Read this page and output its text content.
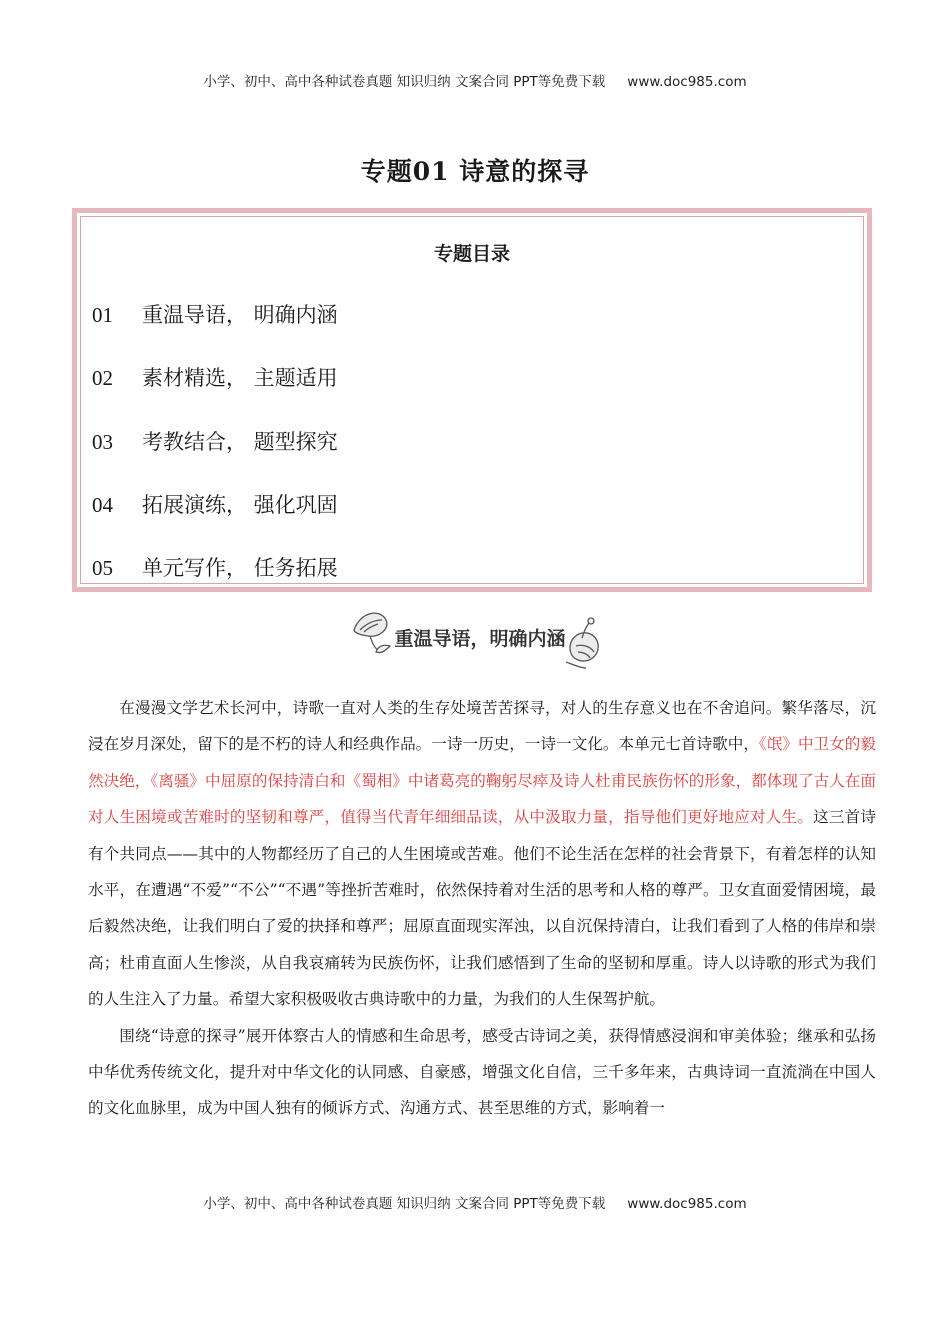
小学、初中、高中各种试卷真题 知识归纳 文案合同 PPT等免费下载 www.doc985.com
专题01 诗意的探寻
专题目录
01 重温导语， 明确内涵
02 素材精选， 主题适用
03 考教结合， 题型探究
04 拓展演练， 强化巩固
05 单元写作， 任务拓展
重温导语，明确内涵

在漫漫文学艺术长河中，诗歌一直对人类的生存处境苦苦探寻，对人的生存意义也在不舍追问。繁华落尽，沉浸在岁月深处，留下的是不朽的诗人和经典作品。一诗一历史，一诗一文化。本单元七首诗歌中，《氓》中卫女的毅然决绝，《离骚》中屈原的保持清白和《蜀相》中诸葛亮的鞠躬尽瘁及诗人杜甫民族伤怀的形象，都体现了古人在面对人生困境或苦难时的坚韧和尊严，值得当代青年细细品读，从中汲取力量，指导他们更好地应对人生。这三首诗有个共同点——其中的人物都经历了自己的人生困境或苦难。他们不论生活在怎样的社会背景下，有着怎样的认知水平，在遭遇“不爱”“不公”“不遇”等挫折苦难时，依然保持着对生活的思考和人格的尊严。卫女直面爱情困境，最后毅然决绝，让我们明白了爱的抉择和尊严；屈原直面现实浑浊，以自沉保持清白，让我们看到了人格的伟岸和崇高；杜甫直面人生惨淡，从自我哀痛转为民族伤怀，让我们感悟到了生命的坚韧和厚重。诗人以诗歌的形式为我们的人生注入了力量。希望大家积极吸收古典诗歌中的力量，为我们的人生保驾护航。

围绕“诗意的探寻”展开体察古人的情感和生命思考，感受古诗词之美，获得情感浸润和审美体验；继承和弘扬中华优秀传统文化，提升对中华文化的认同感、自豪感，增强文化自信，三千多年来，古典诗词一直流淌在中国人的文化血脉里，成为中国人独有的倾诉方式、沟通方式、甚至思维的方式，影响着一

小学、初中、高中各种试卷真题 知识归纳 文案合同 PPT等免费下载 www.doc985.com
